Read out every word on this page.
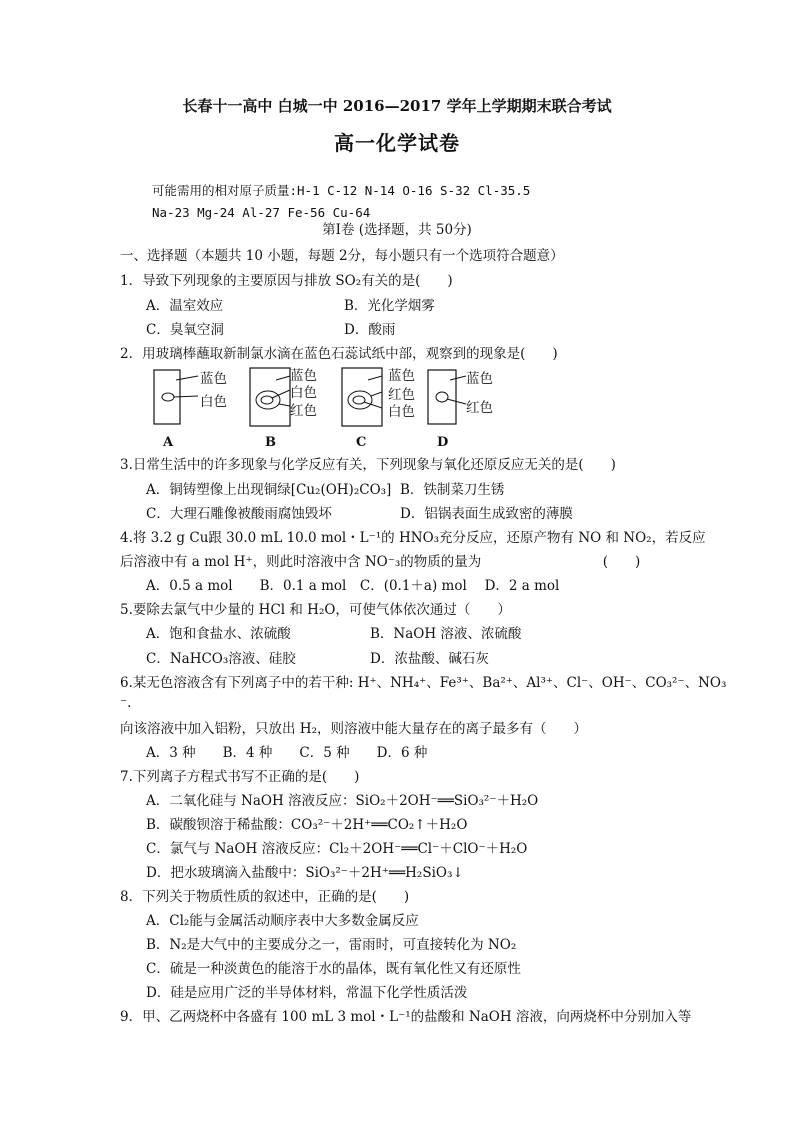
长春十一高中 白城一中 2016—2017 学年上学期期末联合考试
高一化学试卷
可能需用的相对原子质量:H-1 C-12 N-14 O-16 S-32 Cl-35.5
Na-23 Mg-24 Al-27 Fe-56 Cu-64
第Ⅰ卷 (选择题，共 50分)
一、选择题（本题共 10 小题，每题 2分，每小题只有一个选项符合题意）
1．导致下列现象的主要原因与排放 SO₂有关的是(　　)
A．温室效应	B．光化学烟雾
C．臭氧空洞	D．酸雨
2．用玻璃棒蘸取新制氯水滴在蓝色石蕊试纸中部，观察到的现象是(　　)
蓝色
白色
A
蓝色
白色
红色
B
蓝色
红色
白色
C
蓝色
红色
D
3.日常生活中的许多现象与化学反应有关，下列现象与氧化还原反应无关的是(　　)
A．铜铸塑像上出现铜绿[Cu₂(OH)₂CO₃] B．铁制菜刀生锈
C．大理石雕像被酸雨腐蚀毁坏	D．铝锅表面生成致密的薄膜
4.将 3.2 g Cu跟 30.0 mL 10.0 mol・L⁻¹的 HNO₃充分反应，还原产物有 NO 和 NO₂，若反应
后溶液中有 a mol H⁺，则此时溶液中含 NO⁻₃的物质的量为　　　　　　　　　(　　)
A．0.5 a mol　　B．0.1 a mol　C．(0.1＋a) mol　 D．2 a mol
5.要除去氯气中少量的 HCl 和 H₂O，可使气体依次通过（　　）
A．饱和食盐水、浓硫酸	B．NaOH 溶液、浓硫酸
C．NaHCO₃溶液、硅胶	D．浓盐酸、碱石灰
6.某无色溶液含有下列离子中的若干种: H⁺、NH₄⁺、Fe³⁺、Ba²⁺、Al³⁺、Cl⁻、OH⁻、CO₃²⁻、NO₃
⁻.
向该溶液中加入铝粉，只放出 H₂，则溶液中能大量存在的离子最多有（　　）
A．3 种　　B．4 种　　C．5 种　　D．6 种
7.下列离子方程式书写不正确的是(　　)
A．二氧化硅与 NaOH 溶液反应：SiO₂＋2OH⁻══SiO₃²⁻＋H₂O
B．碳酸钡溶于稀盐酸：CO₃²⁻＋2H⁺══CO₂↑＋H₂O
C．氯气与 NaOH 溶液反应：Cl₂＋2OH⁻══Cl⁻＋ClO⁻＋H₂O
D．把水玻璃滴入盐酸中：SiO₃²⁻＋2H⁺══H₂SiO₃↓
8．下列关于物质性质的叙述中，正确的是(　　)
A．Cl₂能与金属活动顺序表中大多数金属反应
B．N₂是大气中的主要成分之一，雷雨时，可直接转化为 NO₂
C．硫是一种淡黄色的能溶于水的晶体，既有氧化性又有还原性
D．硅是应用广泛的半导体材料，常温下化学性质活泼
9．甲、乙两烧杯中各盛有 100 mL 3 mol・L⁻¹的盐酸和 NaOH 溶液，向两烧杯中分别加入等
